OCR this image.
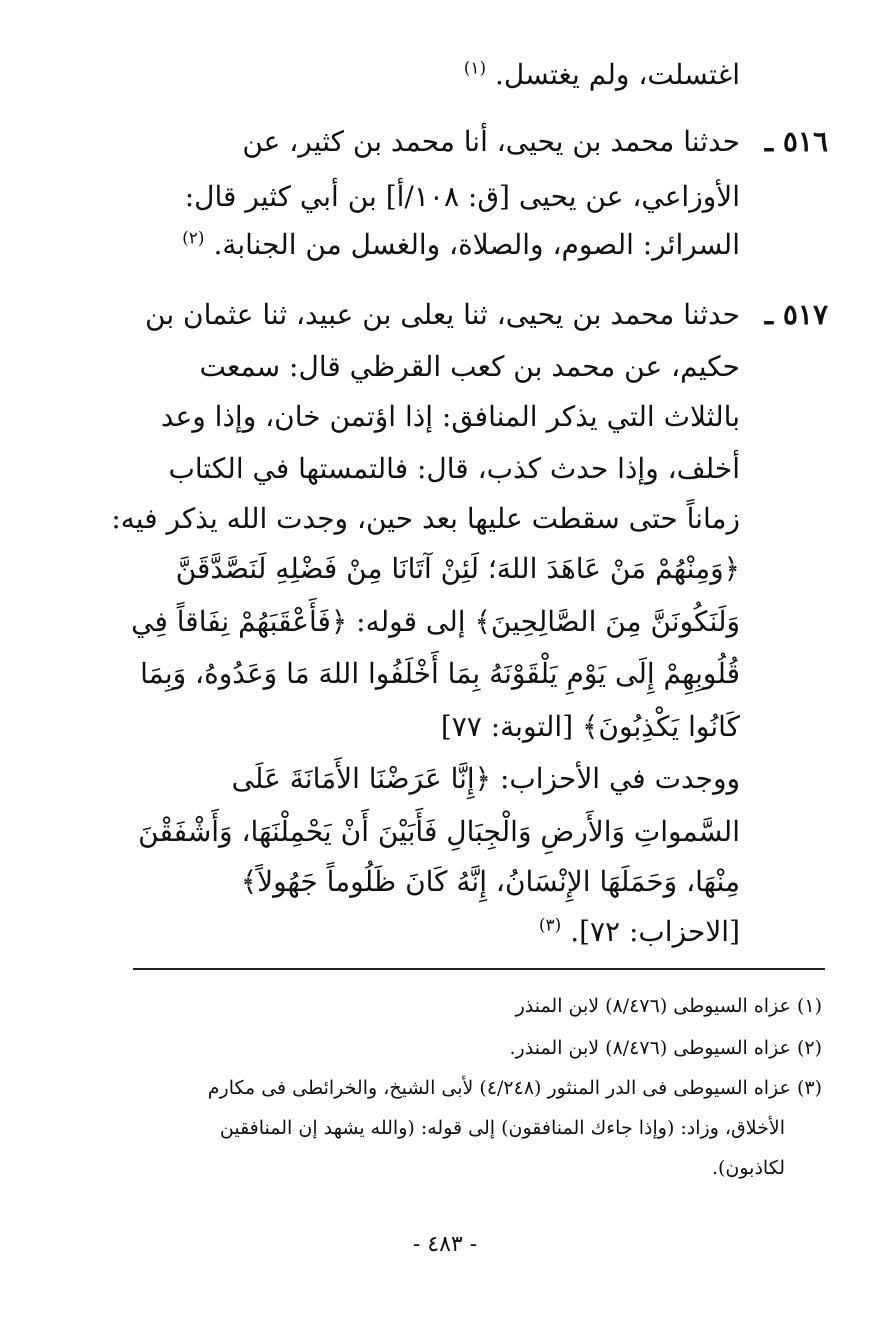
اغتسلت، ولم يغتسل. $^{(١)}$
٥١٦ ـ
حدثنا محمد بن يحيى، أنا محمد بن كثير، عن
الأوزاعي، عن يحيى [ق: ١٠٨/أ] بن أبي كثير قال:
السرائر: الصوم، والصلاة، والغسل من الجنابة. $^{(٢)}$
٥١٧ ـ
حدثنا محمد بن يحيى، ثنا يعلى بن عبيد، ثنا عثمان بن
حكيم، عن محمد بن كعب القرظي قال: سمعت
بالثلاث التي يذكر المنافق: إذا اؤتمن خان، وإذا وعد
أخلف، وإذا حدث كذب، قال: فالتمستها في الكتاب
زماناً حتى سقطت عليها بعد حين، وجدت الله يذكر فيه:
﴿وَمِنْهُمْ مَنْ عَاهَدَ اللهَ؛ لَئِنْ آتَانَا مِنْ فَضْلِهِ لَنَصَّدَّقَنَّ
وَلَنَكُونَنَّ مِنَ الصَّالِحِينَ﴾ إلى قوله: ﴿فَأَعْقَبَهُمْ نِفَاقاً فِي
قُلُوبِهِمْ إِلَى يَوْمِ يَلْقَوْنَهُ بِمَا أَخْلَفُوا اللهَ مَا وَعَدُوهُ، وَبِمَا
كَانُوا يَكْذِبُونَ﴾ [التوبة: ٧٧]
ووجدت في الأحزاب: ﴿إِنَّا عَرَضْنَا الأَمَانَةَ عَلَى
السَّمواتِ وَالأَرضِ وَالْجِبَالِ فَأَبَيْنَ أَنْ يَحْمِلْنَهَا، وَأَشْفَقْنَ
مِنْهَا، وَحَمَلَهَا الإِنْسَانُ، إِنَّهُ كَانَ ظَلُوماً جَهُولاً﴾
[الاحزاب: ٧٢]. $^{(٣)}$
(١) عزاه السيوطى (٨/٤٧٦) لابن المنذر
(٢) عزاه السيوطى (٨/٤٧٦) لابن المنذر.
(٣) عزاه السيوطى فى الدر المنثور (٤/٢٤٨) لأبى الشيخ، والخرائطى فى مكارم
الأخلاق، وزاد: (وإذا جاءك المنافقون) إلى قوله: (والله يشهد إن المنافقين
لكاذبون).
- ٤٨٣ -
